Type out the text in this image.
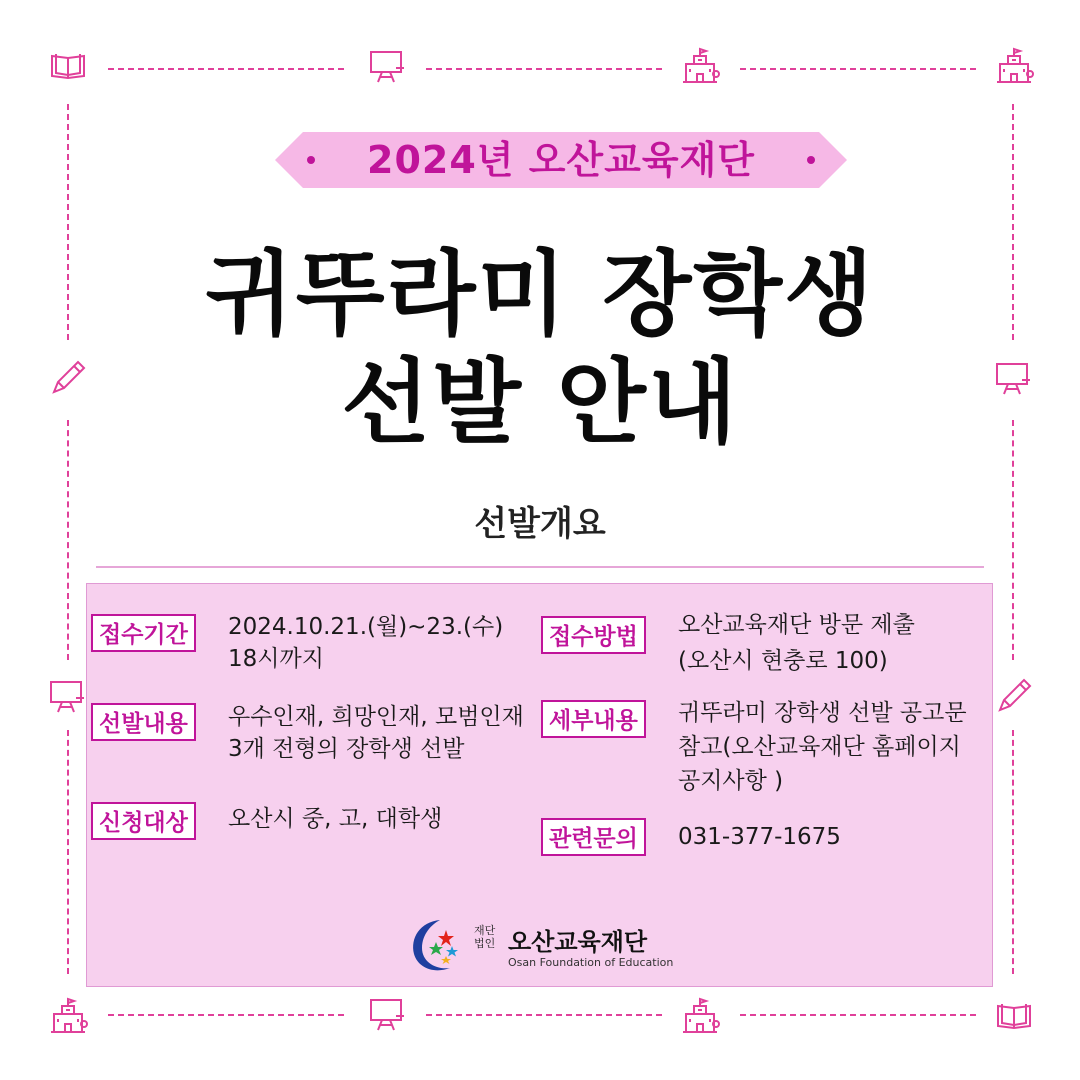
2024년 오산교육재단
귀뚜라미 장학생
선발 안내
선발개요
접수기간	2024.10.21.(월)~23.(수)
18시까지
선발내용	우수인재, 희망인재, 모범인재
3개 전형의 장학생 선발
신청대상	오산시 중, 고, 대학생
접수방법	오산교육재단 방문 제출
(오산시 현충로 100)
세부내용	귀뚜라미 장학생 선발 공고문
참고(오산교육재단 홈페이지
공지사항 )
관련문의	031-377-1675
재단
법인 오산교육재단
Osan Foundation of Education
